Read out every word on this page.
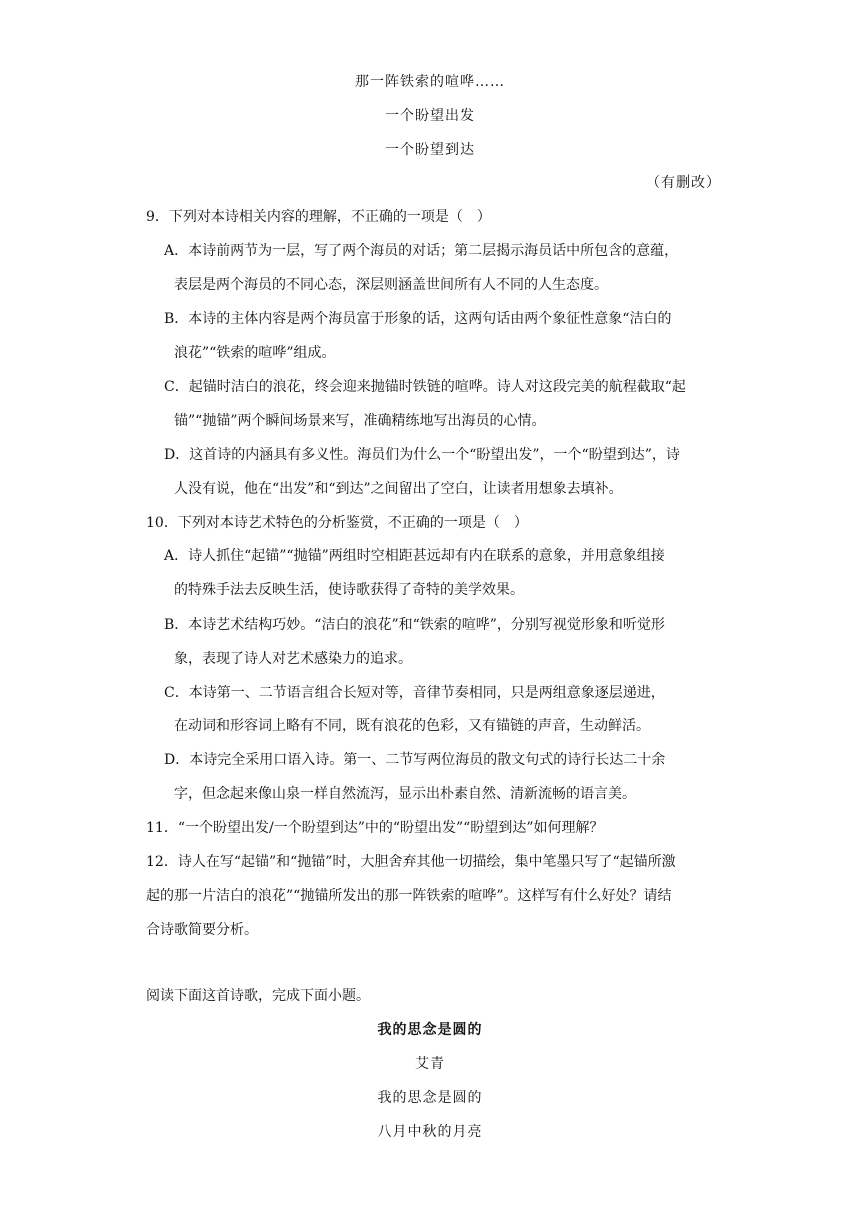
那一阵铁索的喧哗……
一个盼望出发
一个盼望到达
（有删改）
9．下列对本诗相关内容的理解，不正确的一项是（　）
A．本诗前两节为一层，写了两个海员的对话；第二层揭示海员话中所包含的意蕴，
表层是两个海员的不同心态，深层则涵盖世间所有人不同的人生态度。
B．本诗的主体内容是两个海员富于形象的话，这两句话由两个象征性意象“洁白的
浪花”“铁索的喧哗”组成。
C．起锚时洁白的浪花，终会迎来抛锚时铁链的喧哗。诗人对这段完美的航程截取“起
锚”“抛锚”两个瞬间场景来写，准确精练地写出海员的心情。
D．这首诗的内涵具有多义性。海员们为什么一个“盼望出发”，一个“盼望到达”，诗
人没有说，他在“出发”和“到达”之间留出了空白，让读者用想象去填补。
10．下列对本诗艺术特色的分析鉴赏，不正确的一项是（　）
A．诗人抓住“起锚”“抛锚”两组时空相距甚远却有内在联系的意象，并用意象组接
的特殊手法去反映生活，使诗歌获得了奇特的美学效果。
B．本诗艺术结构巧妙。“洁白的浪花”和“铁索的喧哗”，分别写视觉形象和听觉形
象，表现了诗人对艺术感染力的追求。
C．本诗第一、二节语言组合长短对等，音律节奏相同，只是两组意象逐层递进，
在动词和形容词上略有不同，既有浪花的色彩，又有锚链的声音，生动鲜活。
D．本诗完全采用口语入诗。第一、二节写两位海员的散文句式的诗行长达二十余
字，但念起来像山泉一样自然流泻，显示出朴素自然、清新流畅的语言美。
11．“一个盼望出发/一个盼望到达”中的“盼望出发”“盼望到达”如何理解？
12．诗人在写“起锚”和“抛锚”时，大胆舍弃其他一切描绘，集中笔墨只写了“起锚所激
起的那一片洁白的浪花”“抛锚所发出的那一阵铁索的喧哗”。这样写有什么好处？请结
合诗歌简要分析。
阅读下面这首诗歌，完成下面小题。
我的思念是圆的
艾青
我的思念是圆的
八月中秋的月亮
